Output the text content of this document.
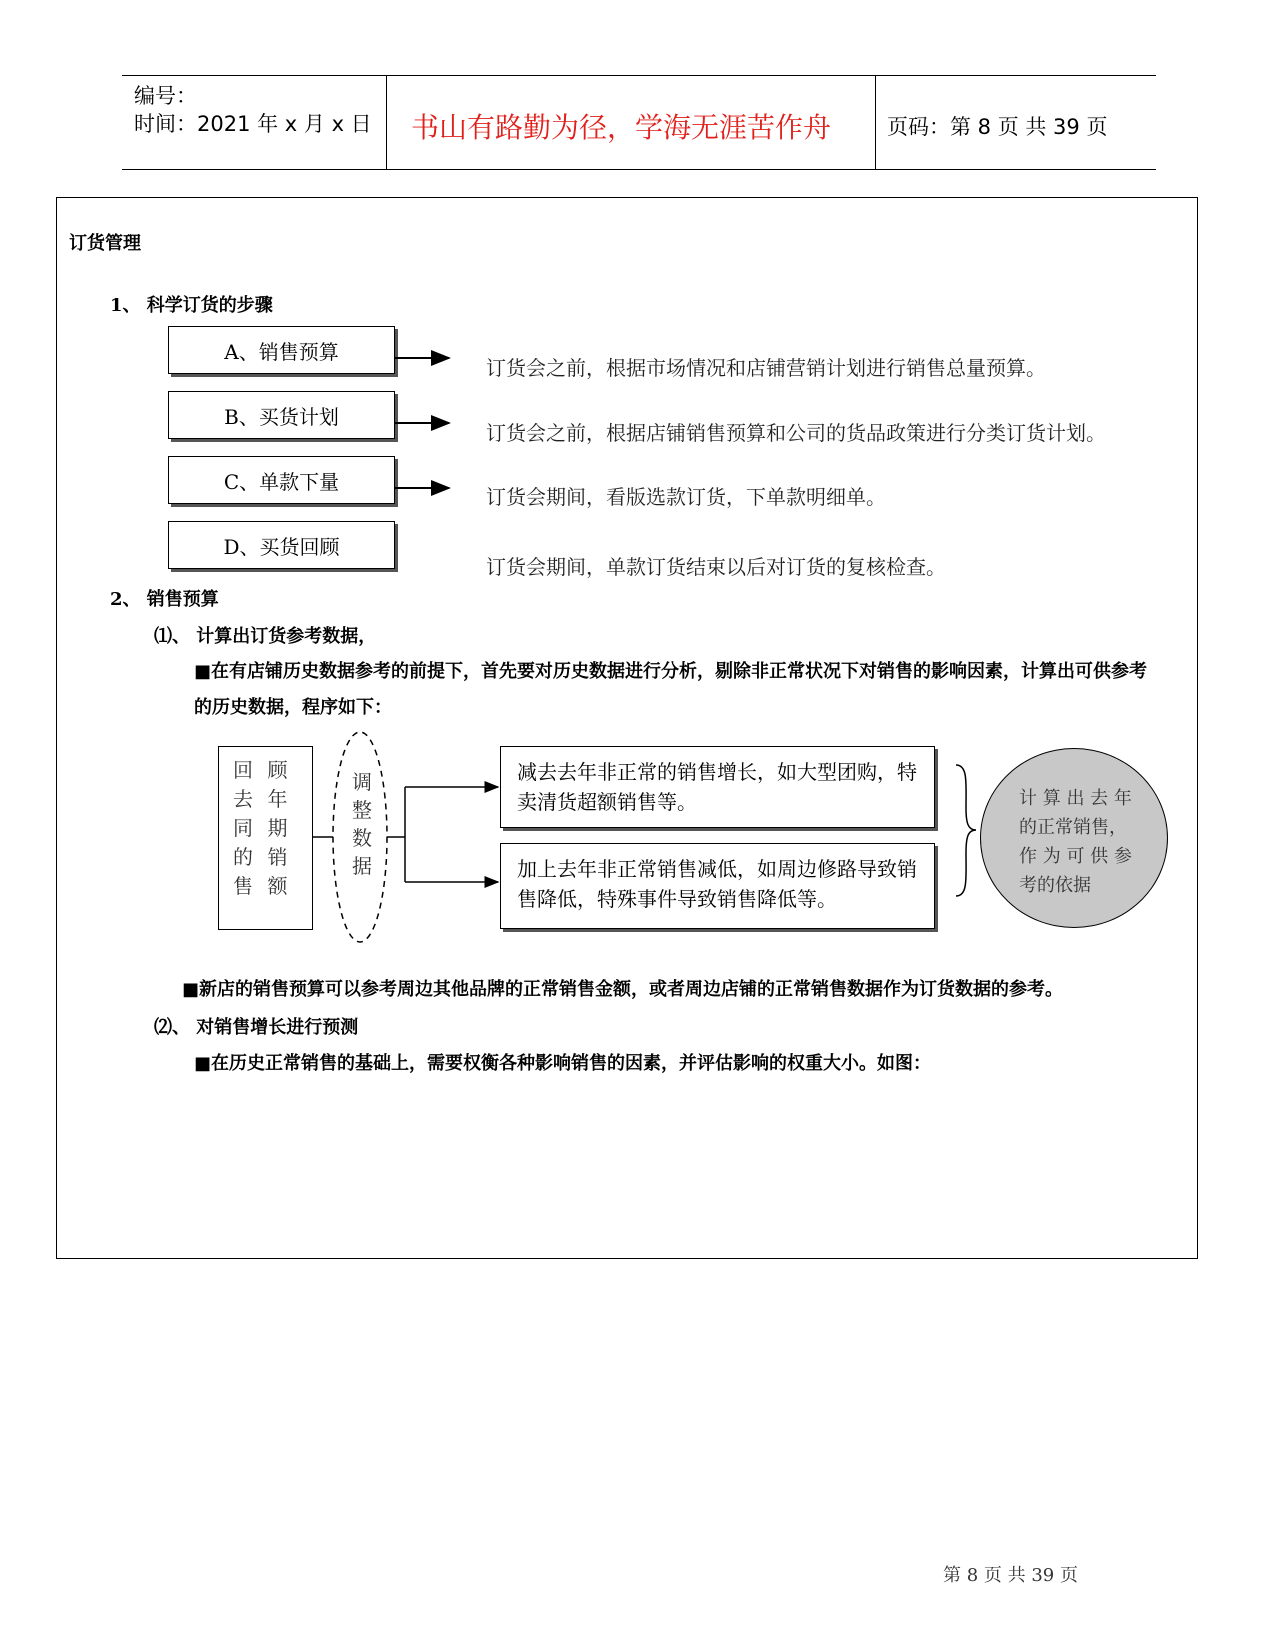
编号：
时间：2021 年 x 月 x 日 书山有路勤为径，学海无涯苦作舟	页码：第 8 页 共 39 页
订货管理
1、 科学订货的步骤
A、销售预算
B、买货计划
C、单款下量
D、买货回顾
订货会之前，根据市场情况和店铺营销计划进行销售总量预算。
订货会之前，根据店铺销售预算和公司的货品政策进行分类订货计划。
订货会期间，看版选款订货，下单款明细单。
订货会期间，单款订货结束以后对订货的复核检查。
2、 销售预算
⑴、 计算出订货参考数据，
■在有店铺历史数据参考的前提下，首先要对历史数据进行分析，剔除非正常状况下对销售的影响因素，计算出可供参考
的历史数据，程序如下：
回 顾
去 年
同 期
的 销
售 额
调
整
数
据
减去去年非正常的销售增长，如大型团购，特卖清货超额销售等。
加上去年非正常销售减低，如周边修路导致销售降低，特殊事件导致销售降低等。
计 算 出 去 年的正常销售，作 为 可 供 参考的依据
■新店的销售预算可以参考周边其他品牌的正常销售金额，或者周边店铺的正常销售数据作为订货数据的参考。
⑵、 对销售增长进行预测
■在历史正常销售的基础上，需要权衡各种影响销售的因素，并评估影响的权重大小。如图：
第 8 页 共 39 页
